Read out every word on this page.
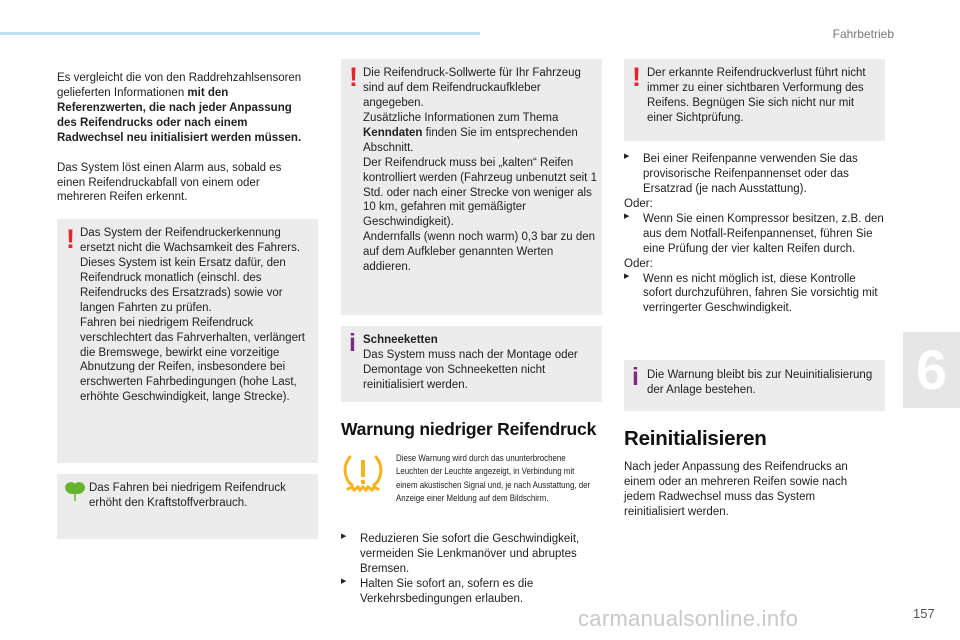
Fahrbetrieb

Es vergleicht die von den Raddrehzahlsensoren gelieferten Informationen mit den Referenzwerten, die nach jeder Anpassung des Reifendrucks oder nach einem Radwechsel neu initialisiert werden müssen.

Das System löst einen Alarm aus, sobald es einen Reifendruckabfall von einem oder mehreren Reifen erkennt.

! Das System der Reifendruckerkennung ersetzt nicht die Wachsamkeit des Fahrers.
Dieses System ist kein Ersatz dafür, den Reifendruck monatlich (einschl. des Reifendrucks des Ersatzrads) sowie vor langen Fahrten zu prüfen.
Fahren bei niedrigem Reifendruck verschlechtert das Fahrverhalten, verlängert die Bremswege, bewirkt eine vorzeitige Abnutzung der Reifen, insbesondere bei erschwerten Fahrbedingungen (hohe Last, erhöhte Geschwindigkeit, lange Strecke).

Das Fahren bei niedrigem Reifendruck erhöht den Kraftstoffverbrauch.

! Die Reifendruck-Sollwerte für Ihr Fahrzeug sind auf dem Reifendruckaufkleber angegeben.
Zusätzliche Informationen zum Thema Kenndaten finden Sie im entsprechenden Abschnitt.
Der Reifendruck muss bei „kalten“ Reifen kontrolliert werden (Fahrzeug unbenutzt seit 1 Std. oder nach einer Strecke von weniger als 10 km, gefahren mit gemäßigter Geschwindigkeit).
Andernfalls (wenn noch warm) 0,3 bar zu den auf dem Aufkleber genannten Werten addieren.

i Schneeketten
Das System muss nach der Montage oder Demontage von Schneeketten nicht reinitialisiert werden.
Warnung niedriger Reifendruck
Diese Warnung wird durch das ununterbrochene Leuchten der Leuchte angezeigt, in Verbindung mit einem akustischen Signal und, je nach Ausstattung, der Anzeige einer Meldung auf dem Bildschirm.
▶ Reduzieren Sie sofort die Geschwindigkeit, vermeiden Sie Lenkmanöver und abruptes Bremsen.
▶ Halten Sie sofort an, sofern es die Verkehrsbedingungen erlauben.
! Der erkannte Reifendruckverlust führt nicht immer zu einer sichtbaren Verformung des Reifens. Begnügen Sie sich nicht nur mit einer Sichtprüfung.

▶ Bei einer Reifenpanne verwenden Sie das provisorische Reifenpannenset oder das Ersatzrad (je nach Ausstattung).
Oder:
▶ Wenn Sie einen Kompressor besitzen, z.B. den aus dem Notfall-Reifenpannenset, führen Sie eine Prüfung der vier kalten Reifen durch.
Oder:
▶ Wenn es nicht möglich ist, diese Kontrolle sofort durchzuführen, fahren Sie vorsichtig mit verringerter Geschwindigkeit.
i Die Warnung bleibt bis zur Neuinitialisierung der Anlage bestehen.

Reinitialisieren

Nach jeder Anpassung des Reifendrucks an einem oder an mehreren Reifen sowie nach jedem Radwechsel muss das System reinitialisiert werden.

6
carmanualsonline.info	157
